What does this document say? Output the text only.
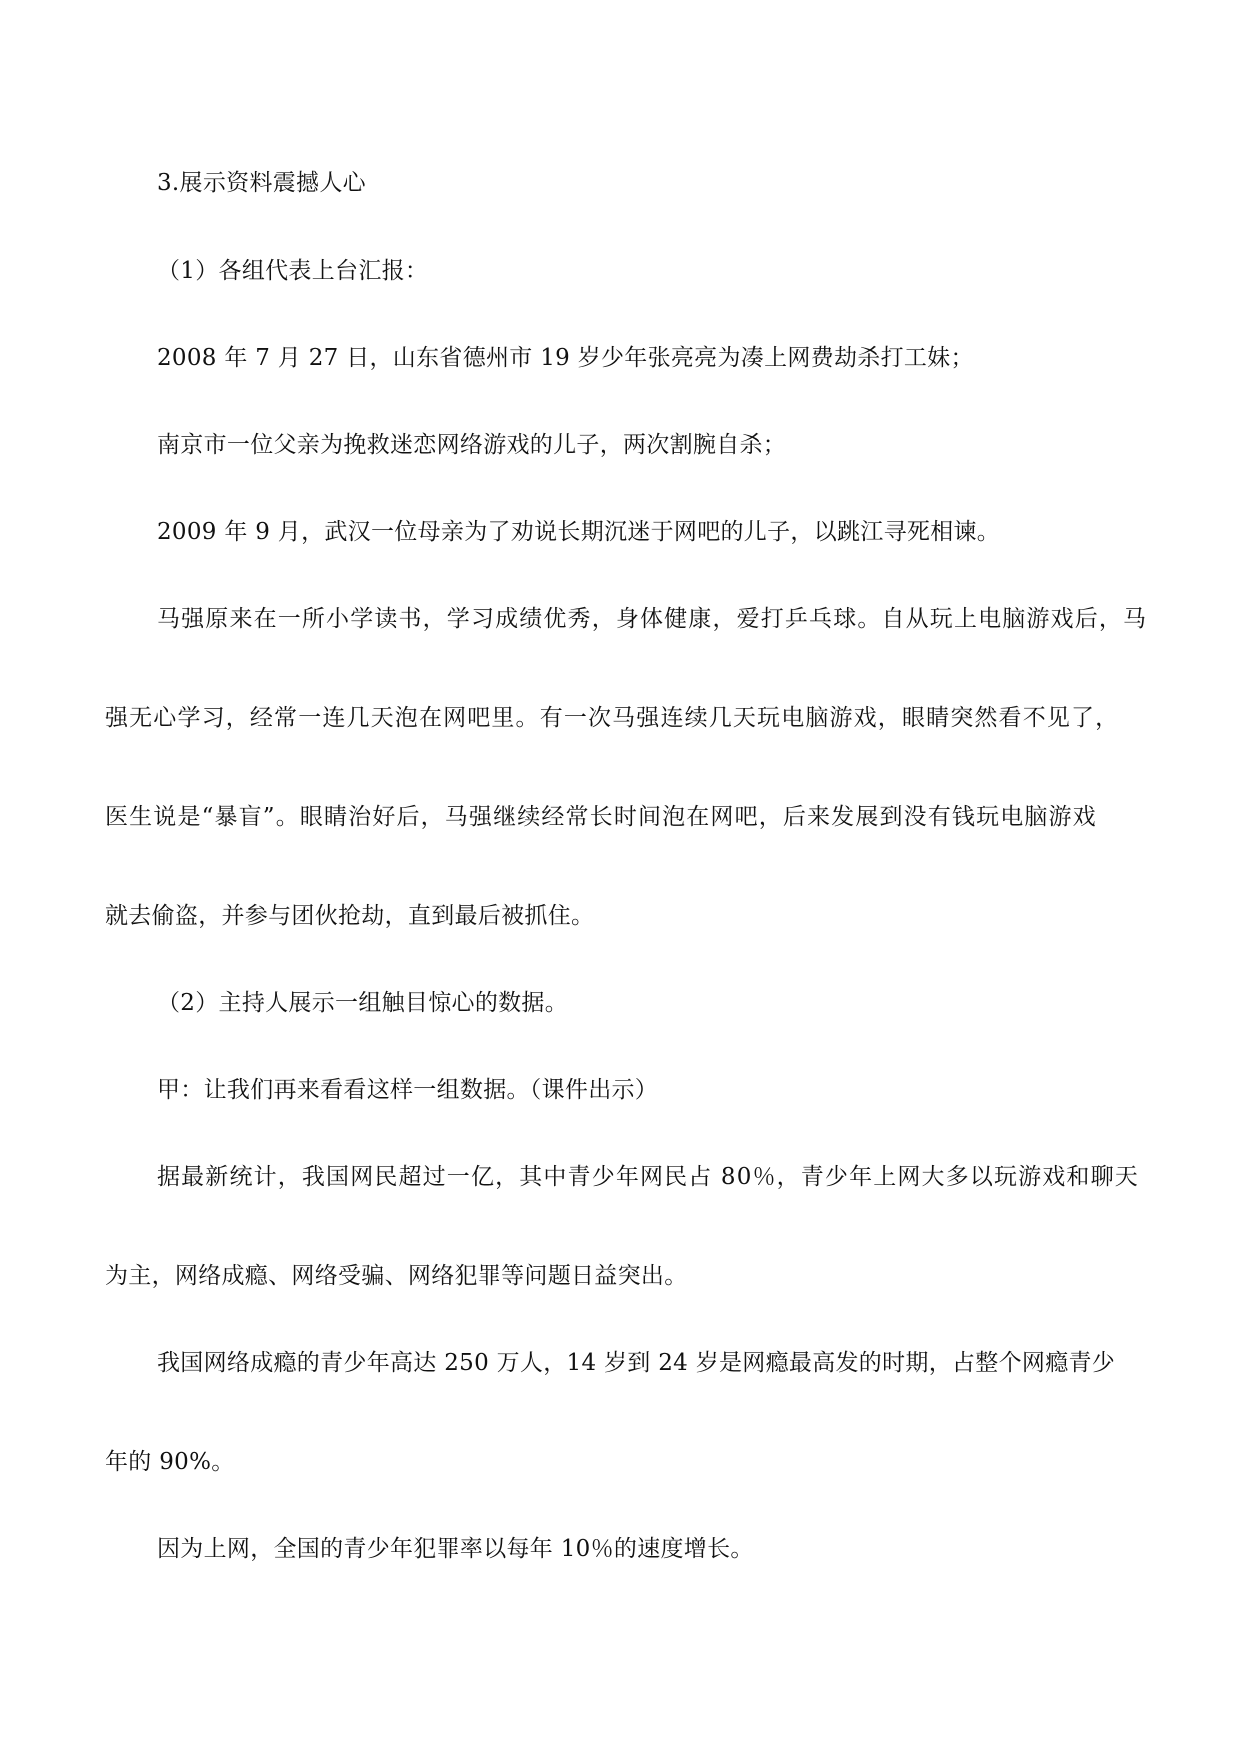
3.展示资料震撼人心

（1）各组代表上台汇报：

2008 年 7 月 27 日，山东省德州市 19 岁少年张亮亮为凑上网费劫杀打工妹；

南京市一位父亲为挽救迷恋网络游戏的儿子，两次割腕自杀；

2009 年 9 月，武汉一位母亲为了劝说长期沉迷于网吧的儿子，以跳江寻死相谏。

马强原来在一所小学读书，学习成绩优秀，身体健康，爱打乒乓球。自从玩上电脑游戏后，马

强无心学习，经常一连几天泡在网吧里。有一次马强连续几天玩电脑游戏，眼睛突然看不见了，

医生说是“暴盲”。眼睛治好后，马强继续经常长时间泡在网吧，后来发展到没有钱玩电脑游戏

就去偷盗，并参与团伙抢劫，直到最后被抓住。

（2）主持人展示一组触目惊心的数据。

甲：让我们再来看看这样一组数据。（课件出示）

据最新统计，我国网民超过一亿，其中青少年网民占 80％，青少年上网大多以玩游戏和聊天

为主，网络成瘾、网络受骗、网络犯罪等问题日益突出。

我国网络成瘾的青少年高达 250 万人，14 岁到 24 岁是网瘾最高发的时期，占整个网瘾青少

年的 90%。

因为上网，全国的青少年犯罪率以每年 10％的速度增长。
